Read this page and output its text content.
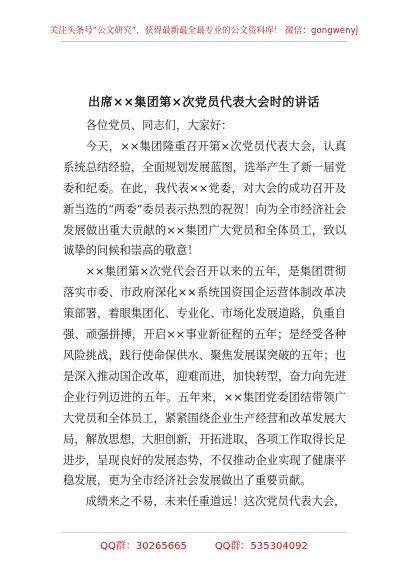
关注头条号“公文研究”，获得最新最全最专业的公文资料库！ 微信：gongwenyj
出席××集团第×次党员代表大会时的讲话

各位党员、同志们，大家好：

今天，××集团隆重召开第×次党员代表大会，认真系统总结经验，全面规划发展蓝图，选举产生了新一届党委和纪委。在此，我代表××党委，对大会的成功召开及新当选的“两委”委员表示热烈的祝贺！向为全市经济社会发展做出重大贡献的××集团广大党员和全体员工，致以诚挚的问候和崇高的敬意！

××集团第×次党代会召开以来的五年，是集团贯彻落实市委、市政府深化××系统国资国企运营体制改革决策部署，着眼集团化、专业化、市场化发展道路，负重自强、顽强拼搏，开启××事业新征程的五年；是经受各种风险挑战，践行使命保供水、聚焦发展谋突破的五年；也是深入推动国企改革，迎难而进，加快转型，奋力向先进企业行列迈进的五年。五年来，××集团党委团结带领广大党员和全体员工，紧紧围绕企业生产经营和改革发展大局，解放思想，大胆创新，开拓进取，各项工作取得长足进步，呈现良好的发展态势，不仅推动企业实现了健康平稳发展，更为全市经济社会发展做出了重要贡献。

成绩来之不易，未来任重道远！这次党员代表大会，

QQ群：30265665	QQ群：535304092
